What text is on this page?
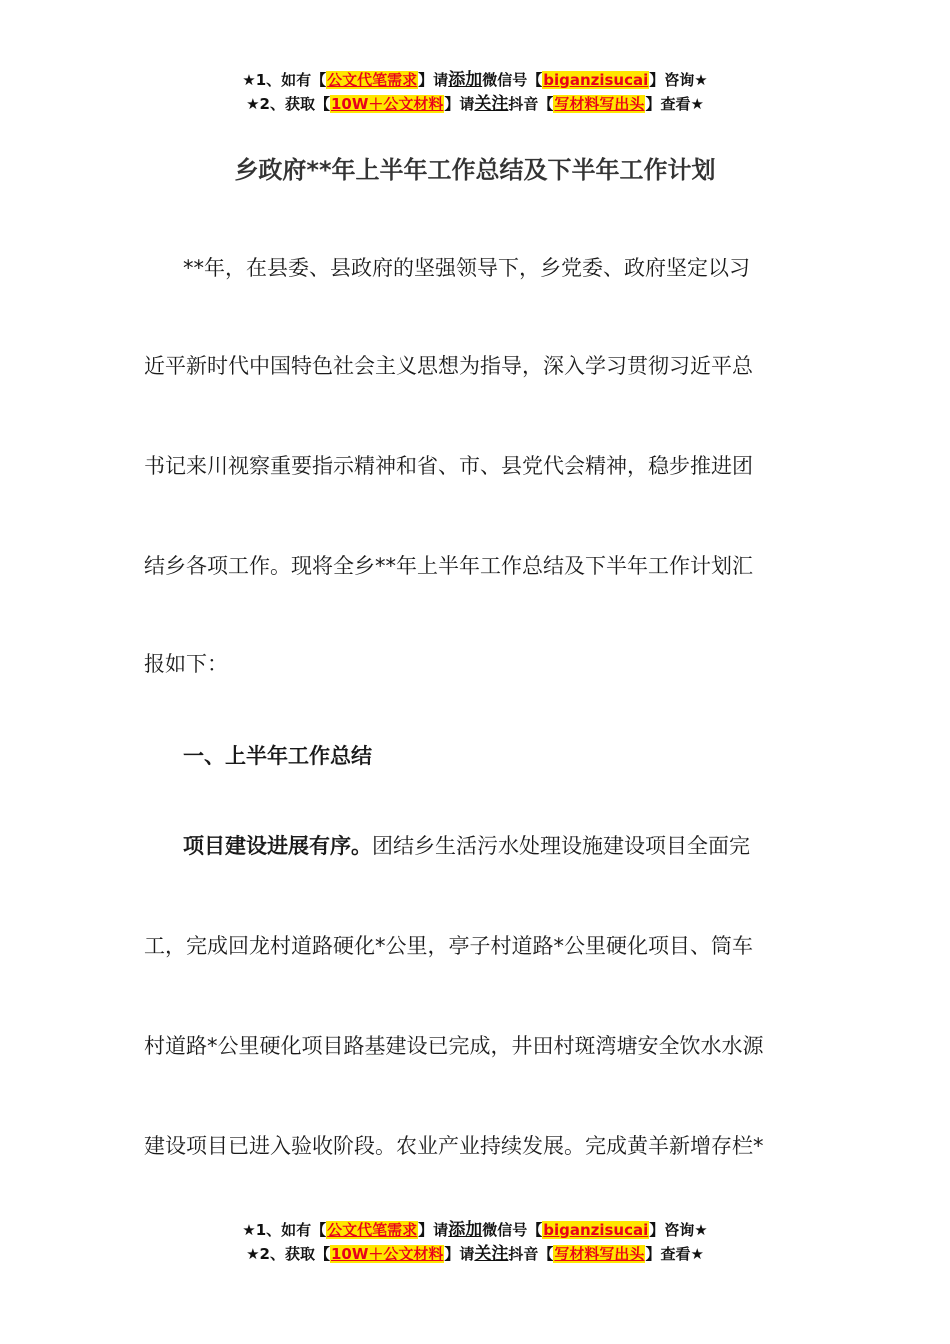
★1、如有【公文代笔需求】请添加微信号【biganzisucai】咨询★
★2、获取【10W＋公文材料】请关注抖音【写材料写出头】查看★
乡政府**年上半年工作总结及下半年工作计划
**年，在县委、县政府的坚强领导下，乡党委、政府坚定以习
近平新时代中国特色社会主义思想为指导，深入学习贯彻习近平总
书记来川视察重要指示精神和省、市、县党代会精神，稳步推进团
结乡各项工作。现将全乡**年上半年工作总结及下半年工作计划汇
报如下：
一、上半年工作总结
项目建设进展有序。团结乡生活污水处理设施建设项目全面完
工，完成回龙村道路硬化*公里，亭子村道路*公里硬化项目、筒车
村道路*公里硬化项目路基建设已完成，井田村斑湾塘安全饮水水源
建设项目已进入验收阶段。农业产业持续发展。完成黄羊新增存栏*
★1、如有【公文代笔需求】请添加微信号【biganzisucai】咨询★
★2、获取【10W＋公文材料】请关注抖音【写材料写出头】查看★
